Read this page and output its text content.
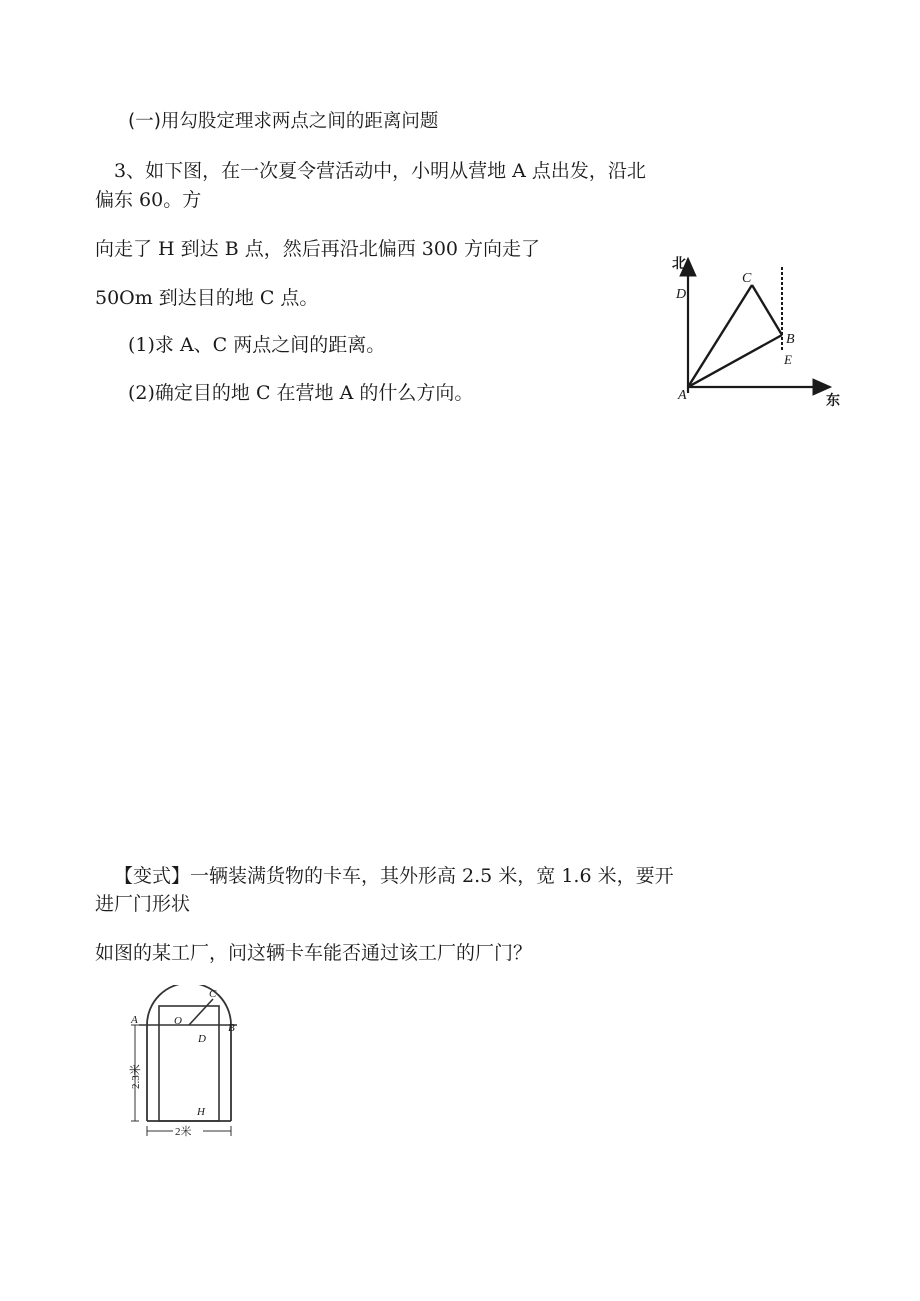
(一)用勾股定理求两点之间的距离问题
3、如下图，在一次夏令营活动中，小明从营地 A 点出发，沿北
偏东 60。方
向走了 H 到达 B 点，然后再沿北偏西 300 方向走了
50Om 到达目的地 C 点。
(1)求 A、C 两点之间的距离。
(2)确定目的地 C 在营地 A 的什么方向。
北
D
C
B
E
A	东
【变式】一辆装满货物的卡车，其外形高 2.5 米，宽 1.6 米，要开
进厂门形状
如图的某工厂，问这辆卡车能否通过该工厂的厂门？
C
A	O
B
D
H
2.3米
2米
